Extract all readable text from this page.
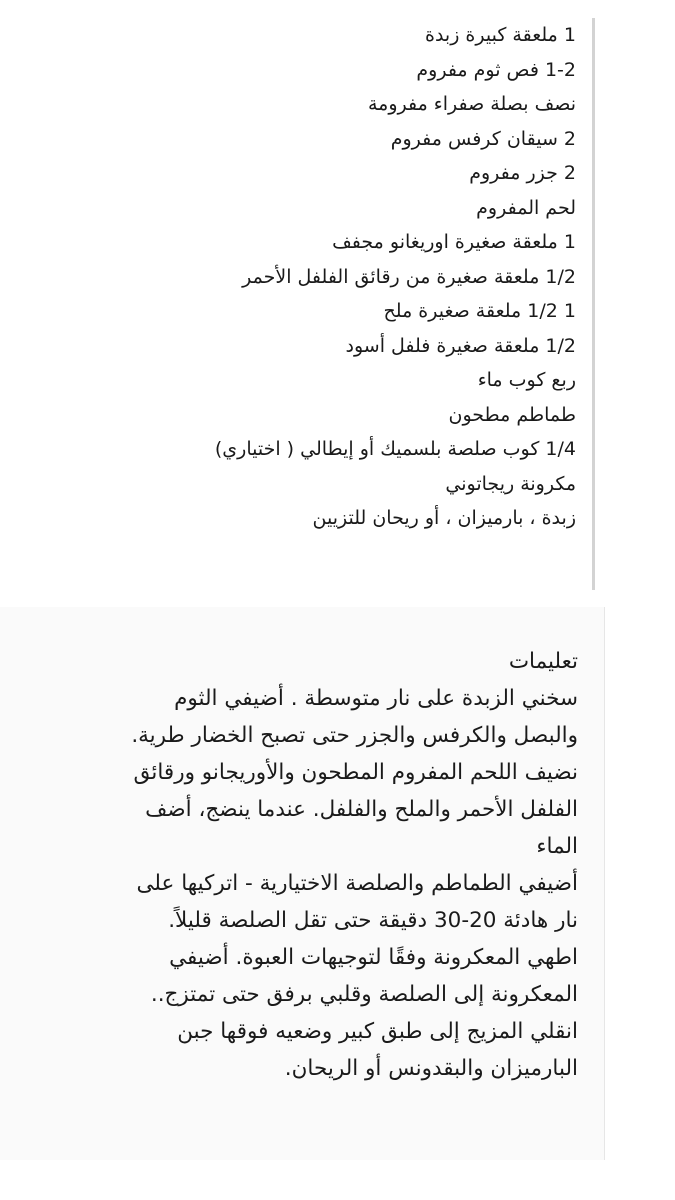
1 ملعقة كبيرة زبدة
1-2 فص ثوم مفروم
نصف بصلة صفراء مفرومة
2 سيقان كرفس مفروم
2 جزر مفروم
لحم المفروم
1 ملعقة صغيرة اوريغانو مجفف
1/2 ملعقة صغيرة من رقائق الفلفل الأحمر
1 1/2 ملعقة صغيرة ملح
1/2 ملعقة صغيرة فلفل أسود
ربع كوب ماء
طماطم مطحون
1/4 كوب صلصة بلسميك أو إيطالي ( اختياري)
مكرونة ريجاتوني
زبدة ، بارميزان ، أو ريحان للتزيين
تعليمات
سخني الزبدة على نار متوسطة . أضيفي الثوم
والبصل والكرفس والجزر حتى تصبح الخضار طرية.
نضيف اللحم المفروم المطحون والأوريجانو ورقائق
الفلفل الأحمر والملح والفلفل. عندما ينضج، أضف
الماء
أضيفي الطماطم والصلصة الاختيارية - اتركيها على
نار هادئة 20-30 دقيقة حتى تقل الصلصة قليلاً.
اطهي المعكرونة وفقًا لتوجيهات العبوة. أضيفي
المعكرونة إلى الصلصة وقلبي برفق حتى تمتزج..
انقلي المزيج إلى طبق كبير وضعيه فوقها جبن
البارميزان والبقدونس أو الريحان.
